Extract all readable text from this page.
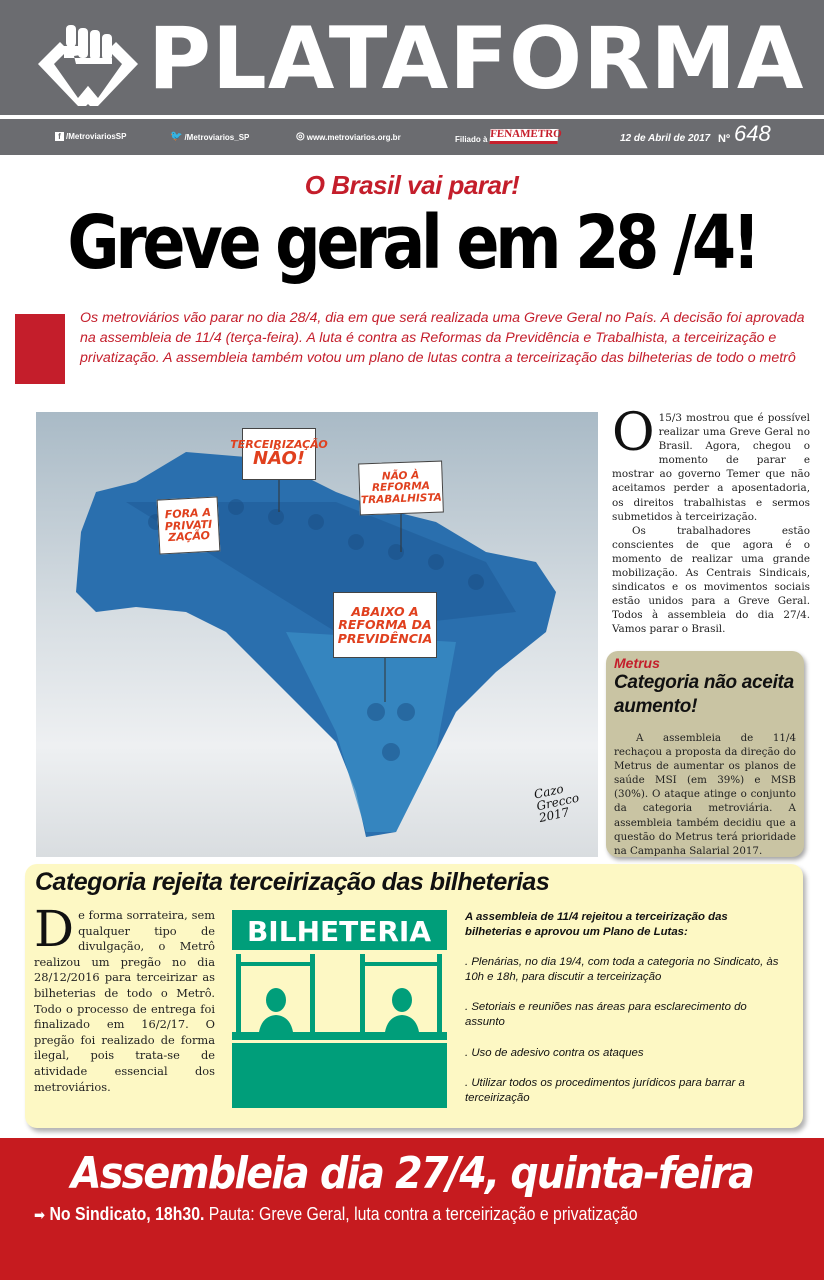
PLATAFORMA
f /MetroviariosSP	🐦 /Metroviarios_SP	◎ www.metroviarios.org.br	Filiado à FENAMETRO	12 de Abril de 2017 Nº 648
O Brasil vai parar!
Greve geral em 28 /4!
Os metroviários vão parar no dia 28/4, dia em que será realizada uma Greve Geral no País. A decisão foi aprovada na assembleia de 11/4 (terça-feira). A luta é contra as Reformas da Previdência e Trabalhista, a terceirização e privatização. A assembleia também votou um plano de lutas contra a terceirização das bilheterias de todo o metrô
TERCEIRIZAÇÃO
NÃO!
NÃO À REFORMA TRABALHISTA
FORA A PRIVATI ZAÇÃO
ABAIXO A REFORMA DA PREVIDÊNCIA
Cazo Grecco 2017
O 15/3 mostrou que é possível realizar uma Greve Geral no Brasil. Agora, chegou o momento de parar e mostrar ao governo Temer que não aceitamos perder a aposentadoria, os direitos trabalhistas e sermos submetidos à terceirização.
Os trabalhadores estão conscientes de que agora é o momento de realizar uma grande mobilização. As Centrais Sindicais, sindicatos e os movimentos sociais estão unidos para a Greve Geral. Todos à assembleia do dia 27/4. Vamos parar o Brasil.
Metrus
Categoria não aceita aumento!
A assembleia de 11/4 rechaçou a proposta da direção do Metrus de aumentar os planos de saúde MSI (em 39%) e MSB (30%). O ataque atinge o conjunto da categoria metroviária. A assembleia também decidiu que a questão do Metrus terá prioridade na Campanha Salarial 2017.
Categoria rejeita terceirização das bilheterias
D e forma sorrateira, sem qualquer tipo de divulgação, o Metrô realizou um pregão no dia 28/12/2016 para terceirizar as bilheterias de todo o Metrô. Todo o processo de entrega foi finalizado em 16/2/17. O pregão foi realizado de forma ilegal, pois trata-se de atividade essencial dos metroviários.
BILHETERIA	A assembleia de 11/4 rejeitou a terceirização das bilheterias e aprovou um Plano de Lutas:
. Plenárias, no dia 19/4, com toda a categoria no Sindicato, às 10h e 18h, para discutir a terceirização
. Setoriais e reuniões nas áreas para esclarecimento do assunto
. Uso de adesivo contra os ataques
. Utilizar todos os procedimentos jurídicos para barrar a terceirização
Assembleia dia 27/4, quinta-feira
➡ No Sindicato, 18h30. Pauta: Greve Geral, luta contra a terceirização e privatização
